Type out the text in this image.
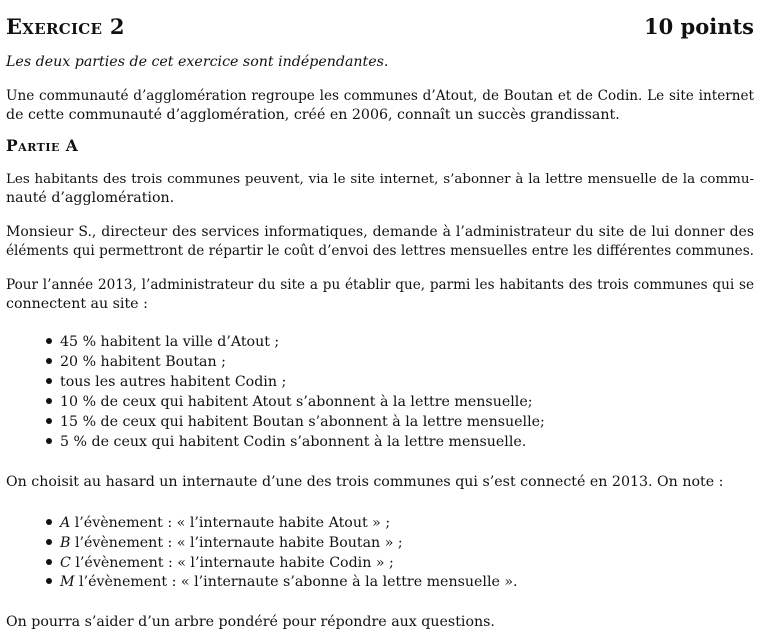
Exercice 2	10 points
Les deux parties de cet exercice sont indépendantes.
Une communauté d’agglomération regroupe les communes d’Atout, de Boutan et de Codin. Le site internet
de cette communauté d’agglomération, créé en 2006, connaît un succès grandissant.
Partie A
Les habitants des trois communes peuvent, via le site internet, s’abonner à la lettre mensuelle de la commu-
nauté d’agglomération.
Monsieur S., directeur des services informatiques, demande à l’administrateur du site de lui donner des
éléments qui permettront de répartir le coût d’envoi des lettres mensuelles entre les différentes communes.
Pour l’année 2013, l’administrateur du site a pu établir que, parmi les habitants des trois communes qui se
connectent au site :
45 % habitent la ville d’Atout ;
20 % habitent Boutan ;
tous les autres habitent Codin ;
10 % de ceux qui habitent Atout s’abonnent à la lettre mensuelle;
15 % de ceux qui habitent Boutan s’abonnent à la lettre mensuelle;
5 % de ceux qui habitent Codin s’abonnent à la lettre mensuelle.
On choisit au hasard un internaute d’une des trois communes qui s’est connecté en 2013. On note :
A l’évènement : « l’internaute habite Atout » ;
B l’évènement : « l’internaute habite Boutan » ;
C l’évènement : « l’internaute habite Codin » ;
M l’évènement : « l’internaute s’abonne à la lettre mensuelle ».
On pourra s’aider d’un arbre pondéré pour répondre aux questions.
